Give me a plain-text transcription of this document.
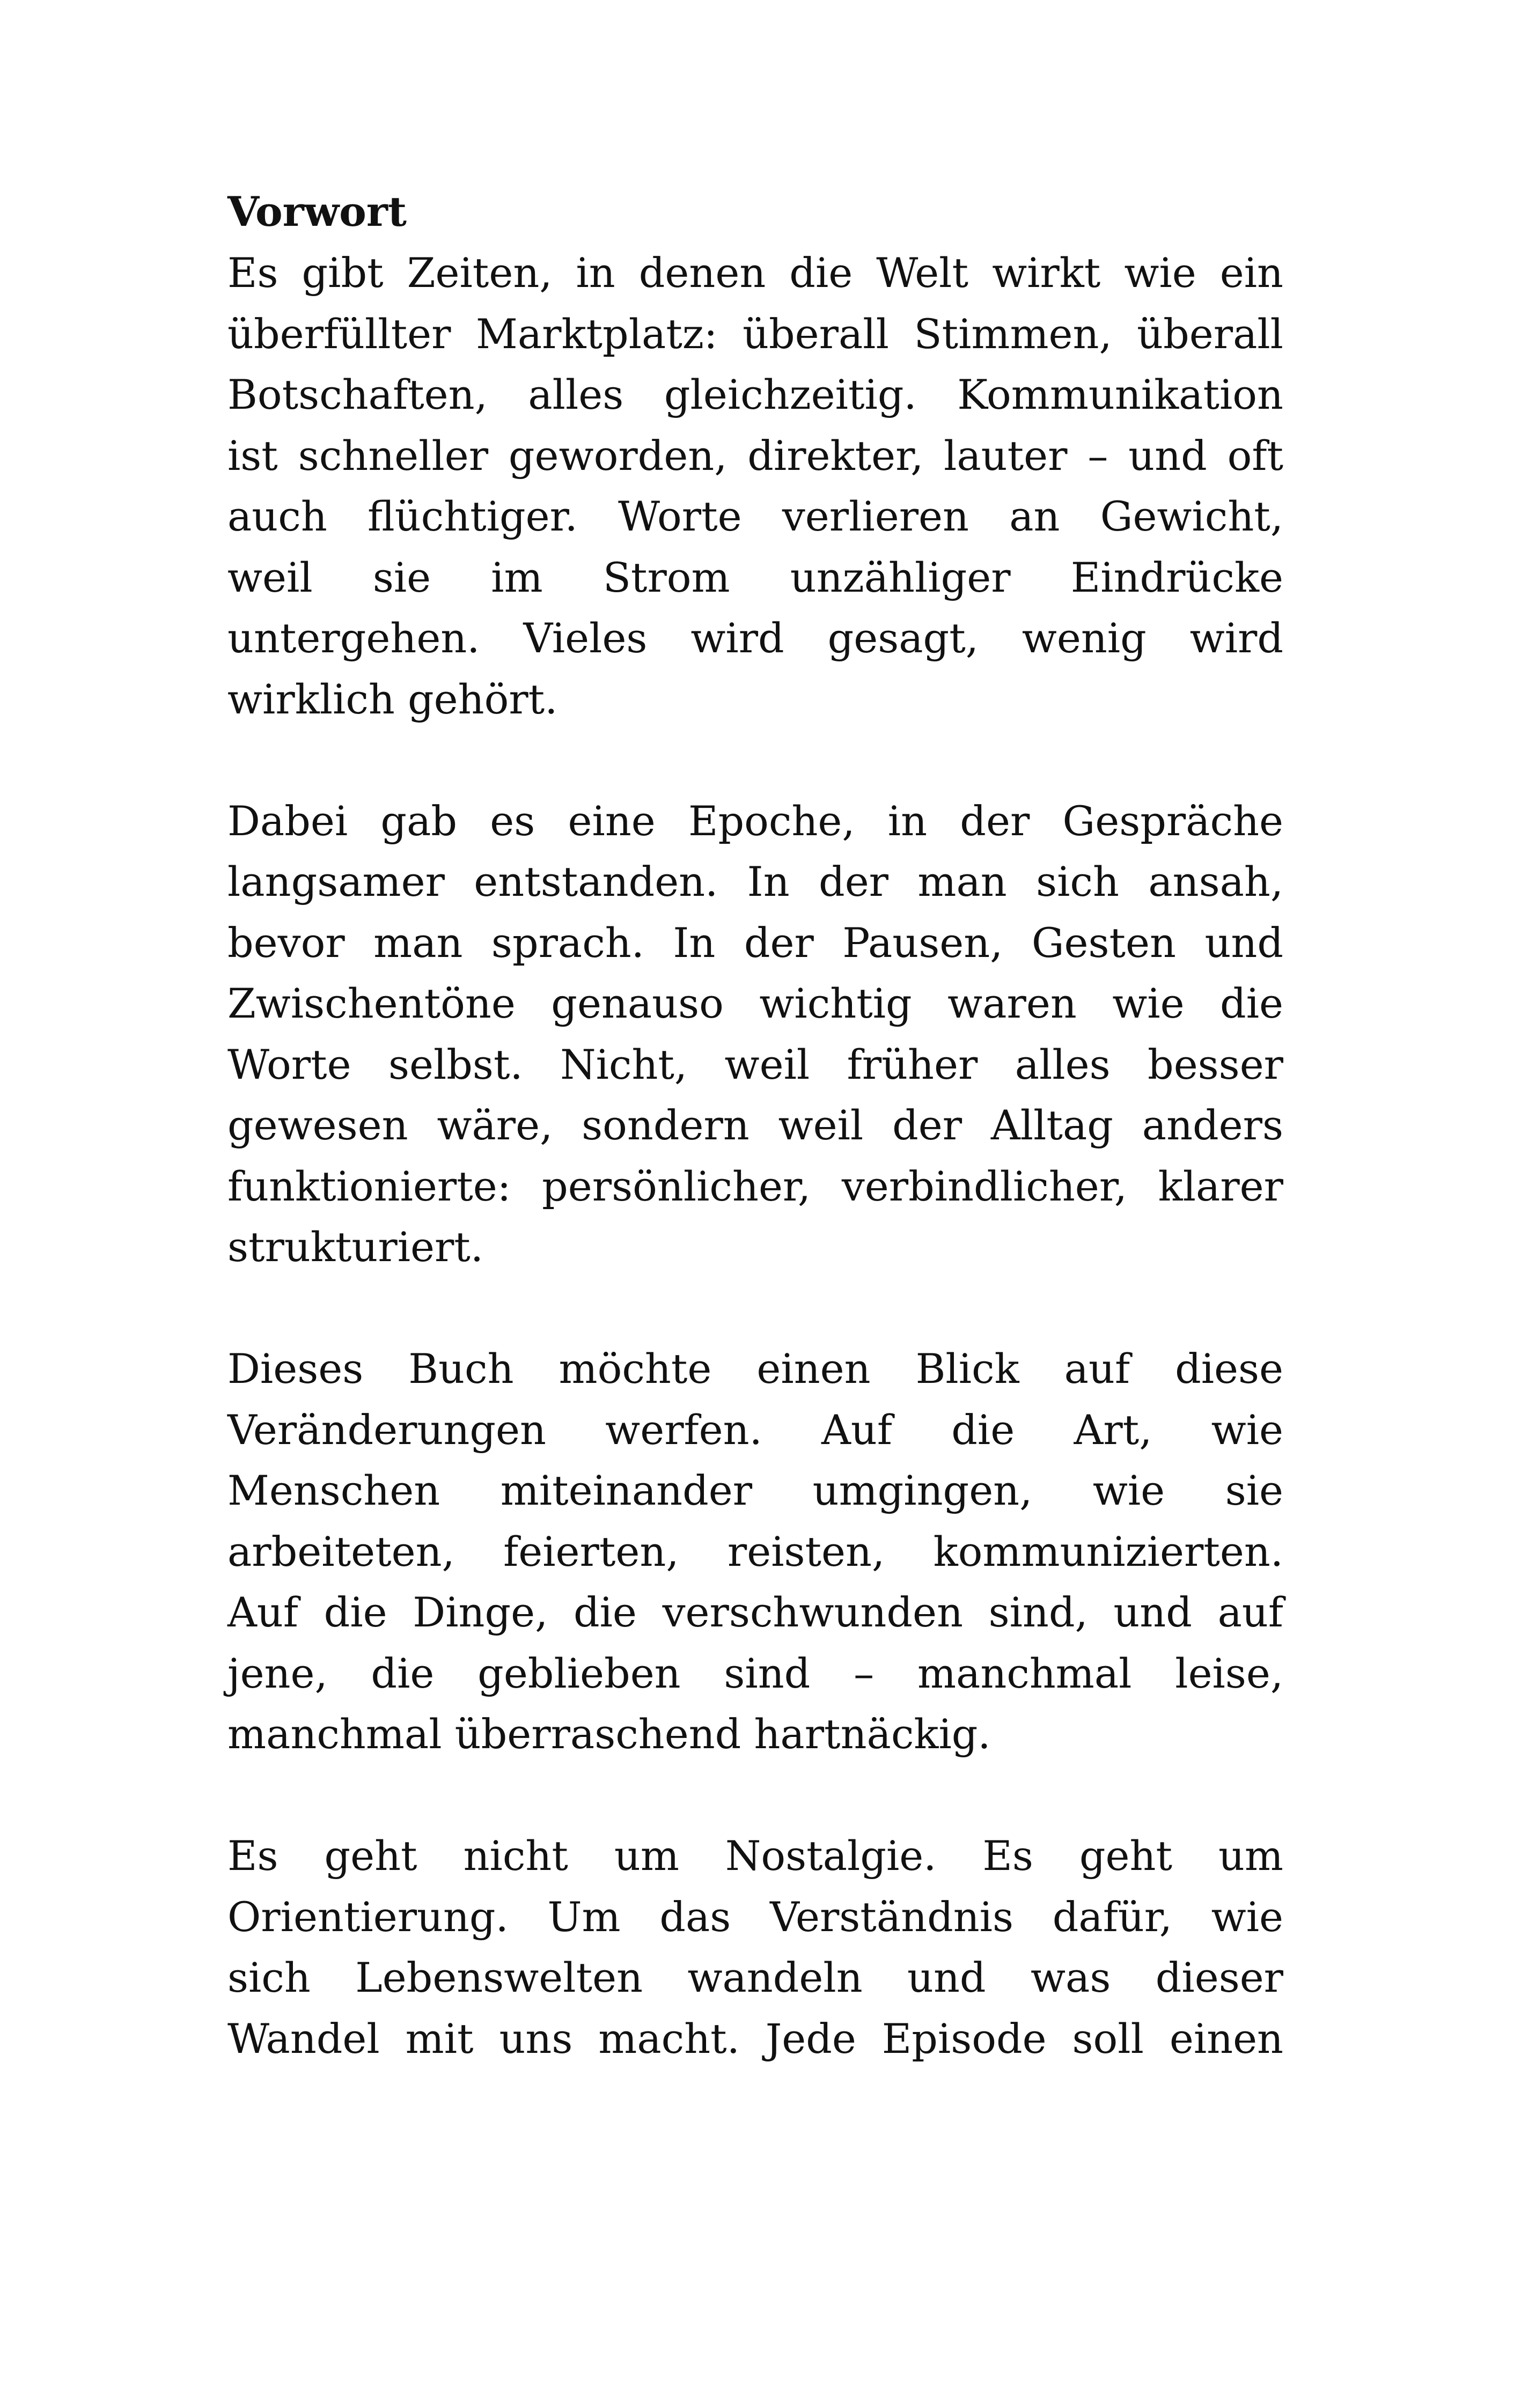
Vorwort
Es gibt Zeiten, in denen die Welt wirkt wie ein
überfüllter Marktplatz: überall Stimmen, überall
Botschaften, alles gleichzeitig. Kommunikation
ist schneller geworden, direkter, lauter – und oft
auch flüchtiger. Worte verlieren an Gewicht,
weil sie im Strom unzähliger Eindrücke
untergehen. Vieles wird gesagt, wenig wird
wirklich gehört.
Dabei gab es eine Epoche, in der Gespräche
langsamer entstanden. In der man sich ansah,
bevor man sprach. In der Pausen, Gesten und
Zwischentöne genauso wichtig waren wie die
Worte selbst. Nicht, weil früher alles besser
gewesen wäre, sondern weil der Alltag anders
funktionierte: persönlicher, verbindlicher, klarer
strukturiert.
Dieses Buch möchte einen Blick auf diese
Veränderungen werfen. Auf die Art, wie
Menschen miteinander umgingen, wie sie
arbeiteten, feierten, reisten, kommunizierten.
Auf die Dinge, die verschwunden sind, und auf
jene, die geblieben sind – manchmal leise,
manchmal überraschend hartnäckig.
Es geht nicht um Nostalgie. Es geht um
Orientierung. Um das Verständnis dafür, wie
sich Lebenswelten wandeln und was dieser
Wandel mit uns macht. Jede Episode soll einen
